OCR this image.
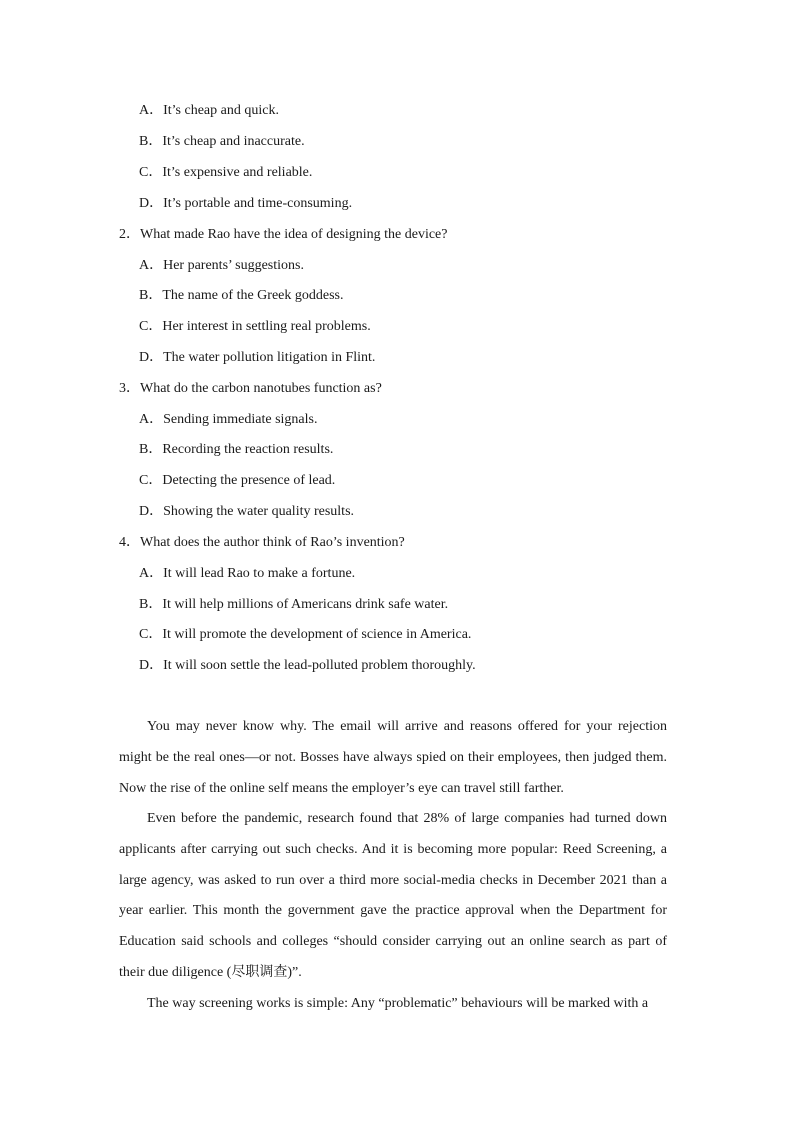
A．It’s cheap and quick.
B．It’s cheap and inaccurate.
C．It’s expensive and reliable.
D．It’s portable and time-consuming.
2．What made Rao have the idea of designing the device?
A．Her parents’ suggestions.
B．The name of the Greek goddess.
C．Her interest in settling real problems.
D．The water pollution litigation in Flint.
3．What do the carbon nanotubes function as?
A．Sending immediate signals.
B．Recording the reaction results.
C．Detecting the presence of lead.
D．Showing the water quality results.
4．What does the author think of Rao’s invention?
A．It will lead Rao to make a fortune.
B．It will help millions of Americans drink safe water.
C．It will promote the development of science in America.
D．It will soon settle the lead-polluted problem thoroughly.
You may never know why. The email will arrive and reasons offered for your rejection might be the real ones—or not. Bosses have always spied on their employees, then judged them. Now the rise of the online self means the employer’s eye can travel still farther.
Even before the pandemic, research found that 28% of large companies had turned down applicants after carrying out such checks. And it is becoming more popular: Reed Screening, a large agency, was asked to run over a third more social-media checks in December 2021 than a year earlier. This month the government gave the practice approval when the Department for Education said schools and colleges “should consider carrying out an online search as part of their due diligence (尽职调查)”.
The way screening works is simple: Any “problematic” behaviours will be marked with a
